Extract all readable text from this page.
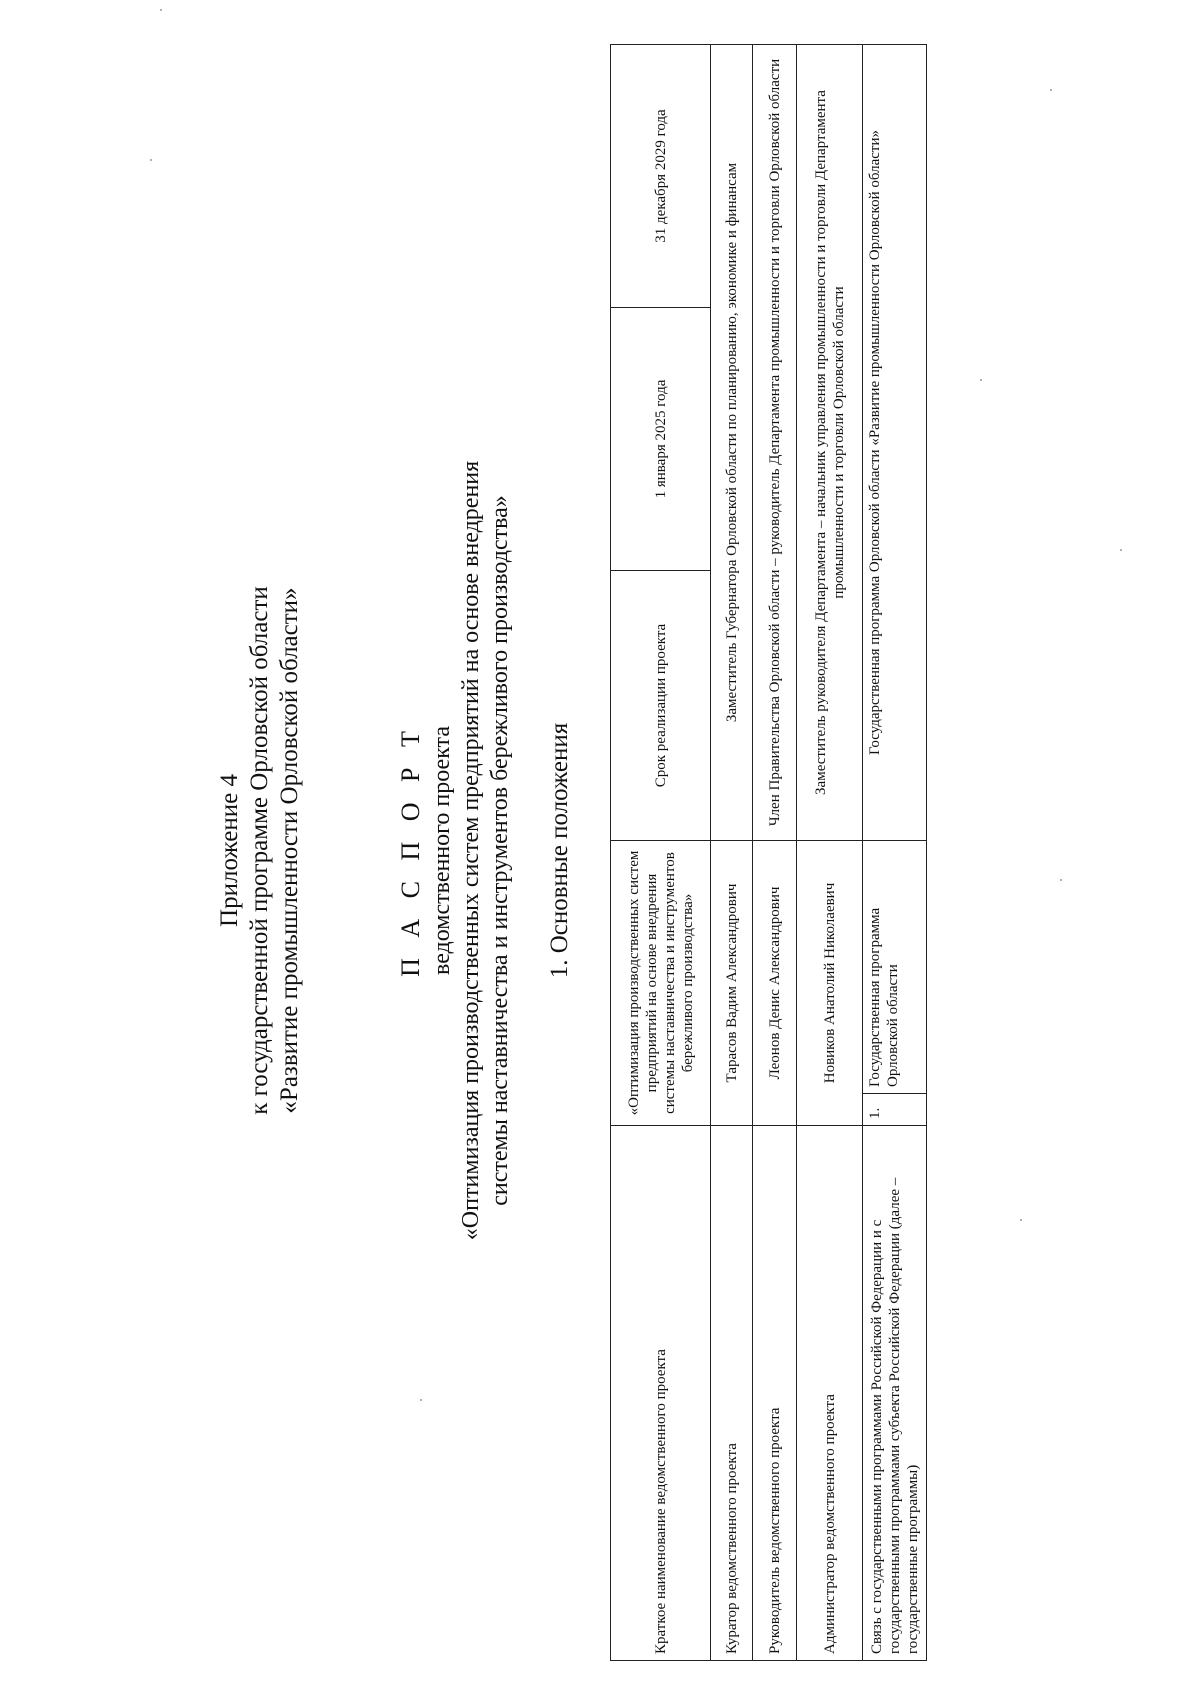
Приложение 4 к государственной программе Орловской области «Развитие промышленности Орловской области»	П А С П О Р Т ведомственного проекта «Оптимизация производственных систем предприятий на основе внедрения системы наставничества и инструментов бережливого производства» 1. Основные положения
Краткое наименование ведомственного проекта	«Оптимизация производственных систем предприятий на основе внедрения системы наставничества и инструментов бережливого производства»		Срок реализации проекта	1 января 2025 года	31 декабря 2029 года
Куратор ведомственного проекта	Тарасов Вадим Александрович		Заместитель Губернатора Орловской области по планированию, экономике и финансам		
Руководитель ведомственного проекта	Леонов Денис Александрович		Член Правительства Орловской области – руководитель Департамента промышленности и торговли Орловской области		
Администратор ведомственного проекта	Новиков Анатолий Николаевич		Заместитель руководителя Департамента – начальник управления промышленности и торговли Департамента промышленности и торговли Орловской области		
Связь с государственными программами Российской Федерации и с государственными программами субъекта Российской Федерации (далее – государственные программы)	1.	Государственная программа Орловской области	Государственная программа Орловской области «Развитие промышленности Орловской области»		
